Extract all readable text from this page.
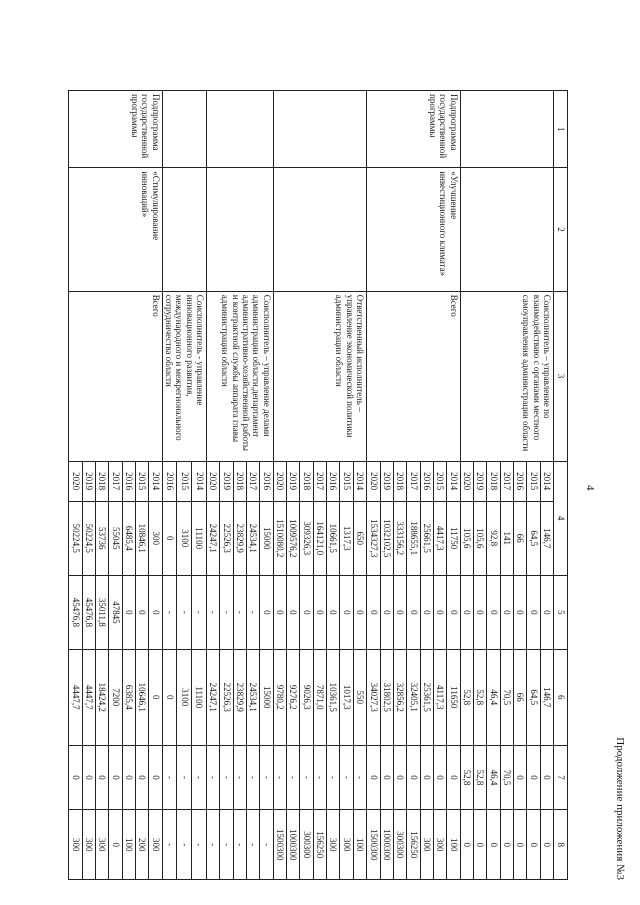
Продолжение приложения №3
4
1	2	3	4		5	6	7	8
		Соисполнитель – управление по взаимодействию с органами местного самоуправления администрации области	2014	146,7	0	146,7	0	0
			2015	64,5	0	64,5	0	0
			2016	66	0	66	0	0
			2017	141	0	70,5	70,5	0
			2018	92,8	0	46,4	46,4	0
			2019	105,6	0	52,8	52,8	0
			2020	105,6	0	52,8	52,8	0
Подпрограмма государственной программы	«Улучшение инвестиционного климата»	Всего	2014	11750	0	11650	0	100
			2015	4417,3	0	4117,3	0	300
			2016	25661,5	0	25361,5	0	300
			2017	188655,1	0	32405,1	0	156250
			2018	333156,2	0	32856,2	0	300300
			2019	1032102,5	0	31802,5	0	1000300
			2020	1534327,3	0	34027,3	0	1500300
		Ответственный исполнитель – управление экономической политики администрации области	2014	650	0	550	-	100
			2015	1317,3	0	1017,3	-	300
			2016	10661,5	0	10361,5	-	300
			2017	164121,0	0	7871,0	-	156250
			2018	309326,3	0	9026,3	-	300300
			2019	1009576,2	0	9276,2	-	1000300
			2020	1510080,2	0	9780,2	-	1500300
		Соисполнитель – управление делами администрации области,департамент административно-хозяйственной работы и контрактной службы аппарата главы администрации области	2016	15000	0	15000	-	-
			2017	24534,1	-	24534,1	-	-
			2018	23829,9	-	23829,9	-	-
			2019	22526,3	-	22526,3	-	-
			2020	24247,1	-	24247,1	-	-
		Соисполнитель - управление инновационного развития, международного и межрегионального сотрудничества области	2014	11100	-	11100	-	-
			2015	3100	-	3100	-	-
			2016	0	-	0	-	-
Подпрограмма государственной программы	«Стимулирование инноваций»	Всего	2014	300	0	0	0	300
			2015	10846,1	0	10646,1	0	200
			2016	6485,4	0	6385,4	0	100
			2017	55045	47845	7200	0	0
			2018	53736	35011,8	18424,2	0	300
			2019	50224,5	45476,8	4447,7	0	300
			2020	50224,5	45476,8	4447,7	0	300
